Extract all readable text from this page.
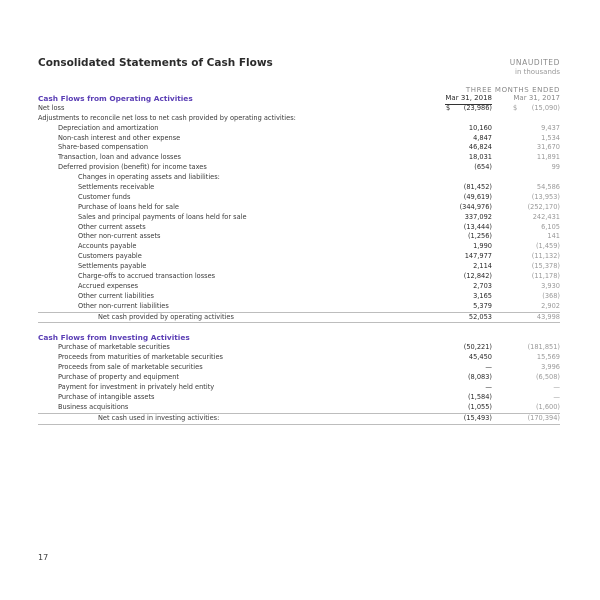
Consolidated Statements of Cash Flows	UNAUDITED
in thousands
THREE MONTHS ENDED
Cash Flows from Operating Activities	Mar 31, 2018	Mar 31, 2017
Net loss	$ (23,986)	$ (15,090)
Adjustments to reconcile net loss to net cash provided by operating activities:
Depreciation and amortization	10,160	9,437
Non-cash interest and other expense	4,847	1,534
Share-based compensation	46,824	31,670
Transaction, loan and advance losses	18,031	11,891
Deferred provision (benefit) for income taxes	(654)	99
Changes in operating assets and liabilities:
Settlements receivable	(81,452)	54,586
Customer funds	(49,619)	(13,953)
Purchase of loans held for sale	(344,976)	(252,170)
Sales and principal payments of loans held for sale	337,092	242,431
Other current assets	(13,444)	6,105
Other non-current assets	(1,256)	141
Accounts payable	1,990	(1,459)
Customers payable	147,977	(11,132)
Settlements payable	2,114	(15,378)
Charge-offs to accrued transaction losses	(12,842)	(11,178)
Accrued expenses	2,703	3,930
Other current liabilities	3,165	(368)
Other non-current liabilities	5,379	2,902
Net cash provided by operating activities	52,053	43,998
Cash Flows from Investing Activities
Purchase of marketable securities	(50,221)	(181,851)
Proceeds from maturities of marketable securities	45,450	15,569
Proceeds from sale of marketable securities	—	3,996
Purchase of property and equipment	(8,083)	(6,508)
Payment for investment in privately held entity	—	—
Purchase of intangible assets	(1,584)	—
Business acquisitions	(1,055)	(1,600)
Net cash used in investing activities:	(15,493)	(170,394)
17
